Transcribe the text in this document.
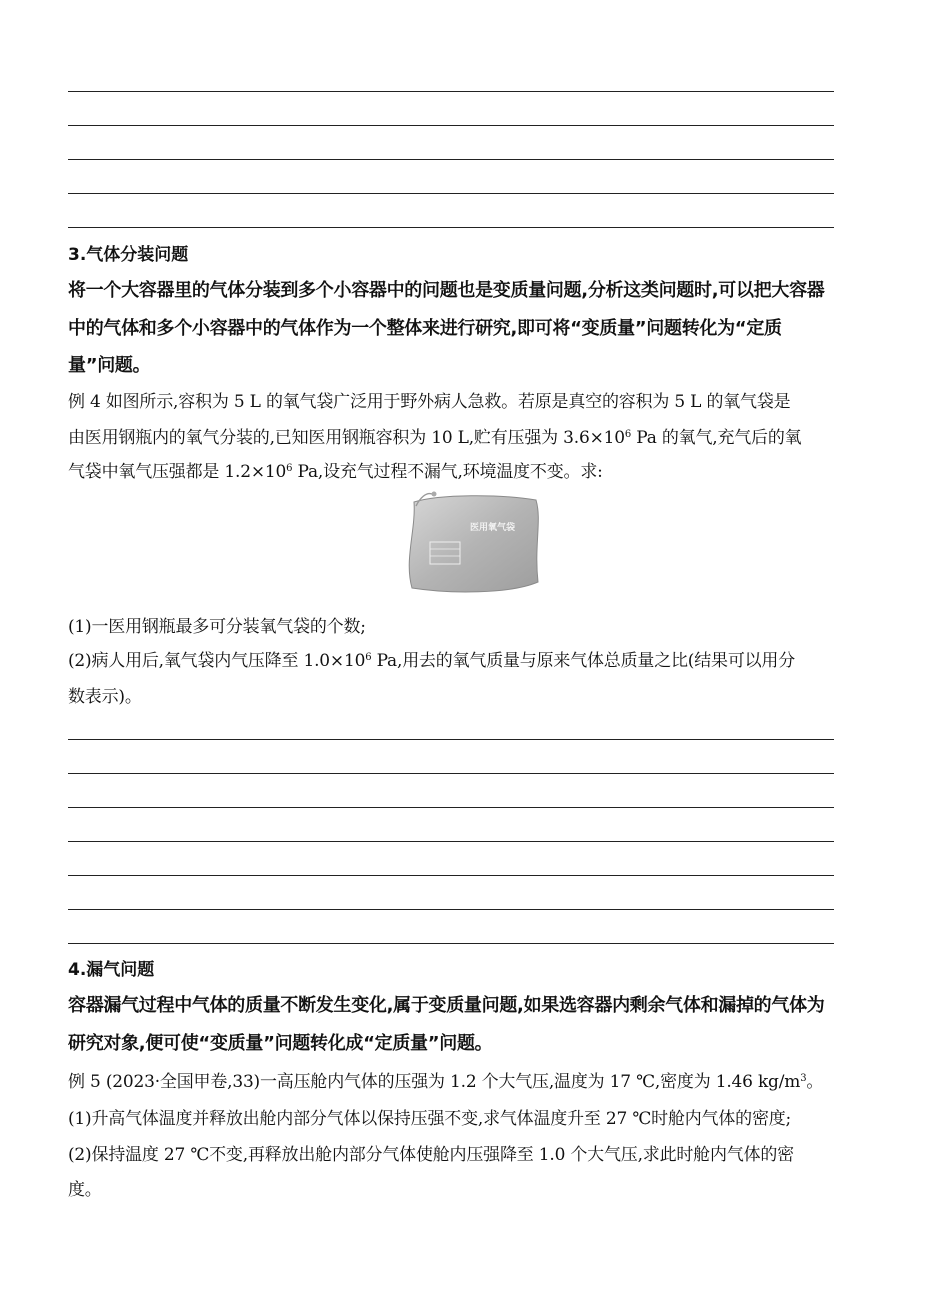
3.气体分装问题
将一个大容器里的气体分装到多个小容器中的问题也是变质量问题,分析这类问题时,可以把大容器
中的气体和多个小容器中的气体作为一个整体来进行研究,即可将“变质量”问题转化为“定质
量”问题。
例 4 如图所示,容积为 5 L 的氧气袋广泛用于野外病人急救。若原是真空的容积为 5 L 的氧气袋是
由医用钢瓶内的氧气分装的,已知医用钢瓶容积为 10 L,贮有压强为 $3.6\times 10^6$ Pa 的氧气,充气后的氧
气袋中氧气压强都是 $1.2\times 10^6$ Pa,设充气过程不漏气,环境温度不变。求:
医用氧气袋
(1)一医用钢瓶最多可分装氧气袋的个数;
(2)病人用后,氧气袋内气压降至 $1.0\times 10^6$ Pa,用去的氧气质量与原来气体总质量之比(结果可以用分
数表示)。
4.漏气问题
容器漏气过程中气体的质量不断发生变化,属于变质量问题,如果选容器内剩余气体和漏掉的气体为
研究对象,便可使“变质量”问题转化成“定质量”问题。
例 5 (2023·全国甲卷,33)一高压舱内气体的压强为 1.2 个大气压,温度为 17 ℃,密度为 1.46 $kg/m^3$。
(1)升高气体温度并释放出舱内部分气体以保持压强不变,求气体温度升至 27 ℃时舱内气体的密度;
(2)保持温度 27 ℃不变,再释放出舱内部分气体使舱内压强降至 1.0 个大气压,求此时舱内气体的密
度。
